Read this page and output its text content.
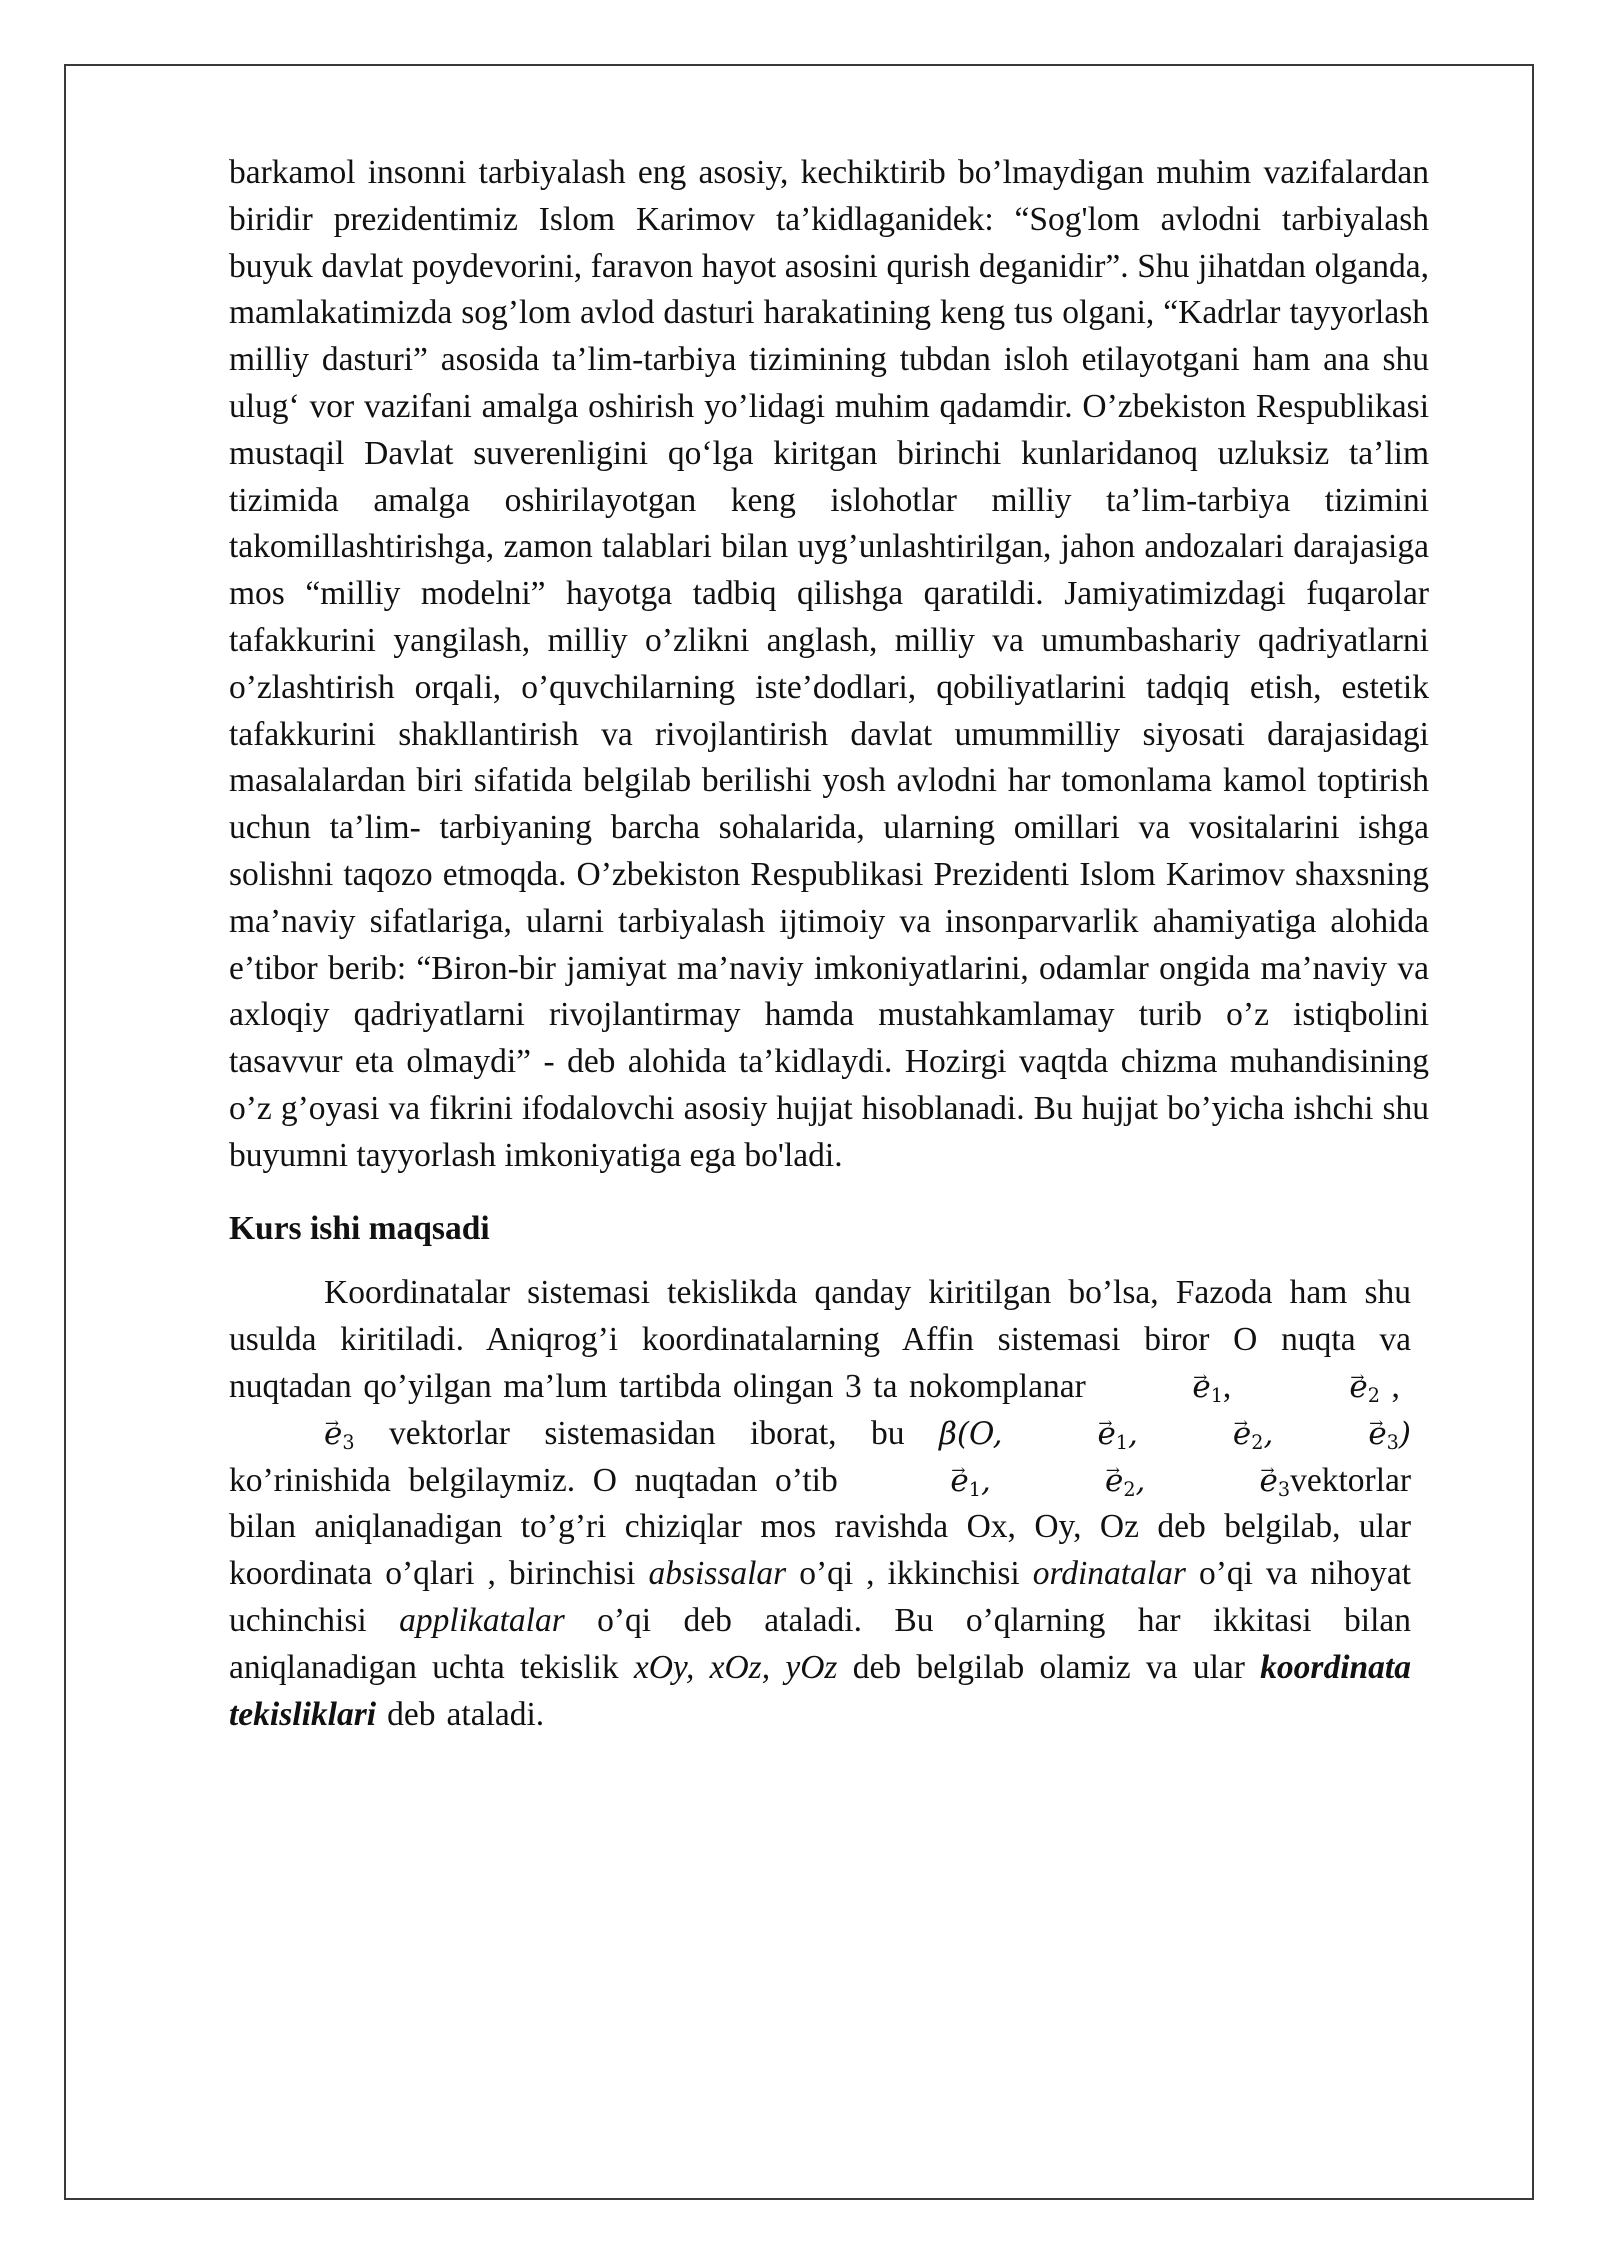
barkamol insonni tarbiyalash eng asosiy, kechiktirib bo’lmaydigan muhim vazifalardan biridir prezidentimiz Islom Karimov ta’kidlaganidek: “Sog'lom avlodni tarbiyalash buyuk davlat poydevorini, faravon hayot asosini qurish deganidir”. Shu jihatdan olganda, mamlakatimizda sog’lom avlod dasturi harakatining keng tus olgani, “Kadrlar tayyorlash milliy dasturi” asosida ta’lim-tarbiya tizimining tubdan isloh etilayotgani ham ana shu ulug‘ vor vazifani amalga oshirish yo’lidagi muhim qadamdir. O’zbekiston Respublikasi mustaqil Davlat suverenligini qo‘lga kiritgan birinchi kunlaridanoq uzluksiz ta’lim tizimida amalga oshirilayotgan keng islohotlar milliy ta’lim-tarbiya tizimini takomillashtirishga, zamon talablari bilan uyg’unlashtirilgan, jahon andozalari darajasiga mos “milliy modelni” hayotga tadbiq qilishga qaratildi. Jamiyatimizdagi fuqarolar tafakkurini yangilash, milliy o’zlikni anglash, milliy va umumbashariy qadriyatlarni o’zlashtirish orqali, o’quvchilarning iste’dodlari, qobiliyatlarini tadqiq etish, estetik tafakkurini shakllantirish va rivojlantirish davlat umummilliy siyosati darajasidagi masalalardan biri sifatida belgilab berilishi yosh avlodni har tomonlama kamol toptirish uchun ta’lim- tarbiyaning barcha sohalarida, ularning omillari va vositalarini ishga solishni taqozo etmoqda. O’zbekiston Respublikasi Prezidenti Islom Karimov shaxsning ma’naviy sifatlariga, ularni tarbiyalash ijtimoiy va insonparvarlik ahamiyatiga alohida e’tibor berib: “Biron-bir jamiyat ma’naviy imkoniyatlarini, odamlar ongida ma’naviy va axloqiy qadriyatlarni rivojlantirmay hamda mustahkamlamay turib o’z istiqbolini tasavvur eta olmaydi” - deb alohida ta’kidlaydi. Hozirgi vaqtda chizma muhandisining o’z g’oyasi va fikrini ifodalovchi asosiy hujjat hisoblanadi. Bu hujjat bo’yicha ishchi shu buyumni tayyorlash imkoniyatiga ega bo'ladi.

Kurs ishi maqsadi

Koordinatalar sistemasi tekislikda qanday kiritilgan bo’lsa, Fazoda ham shu usulda kiritiladi. Aniqrog’i koordinatalarning Affin sistemasi biror O nuqta va nuqtadan qo’yilgan ma’lum tartibda olingan 3 ta nokomplanar →	$e_1$,  →	$e_2$ ,  → $e_3$ vektorlar sistemasidan iborat, bu β(O,→	$e_1,\to$	$e_2,\to$	$e_3$) ko’rinishida belgilaymiz. O nuqtadan o’tib →	$e_1$, →	$e_2$, →	$e_3vektorlar$ bilan aniqlanadigan to’g’ri chiziqlar mos ravishda Ox, Oy, Oz deb belgilab, ular koordinata o’qlari , birinchisi absissalar o’qi , ikkinchisi ordinatalar o’qi va nihoyat uchinchisi applikatalar o’qi deb ataladi. Bu o’qlarning har ikkitasi bilan aniqlanadigan uchta tekislik xOy, xOz, yOz deb belgilab olamiz va ular koordinata tekisliklari deb ataladi.
